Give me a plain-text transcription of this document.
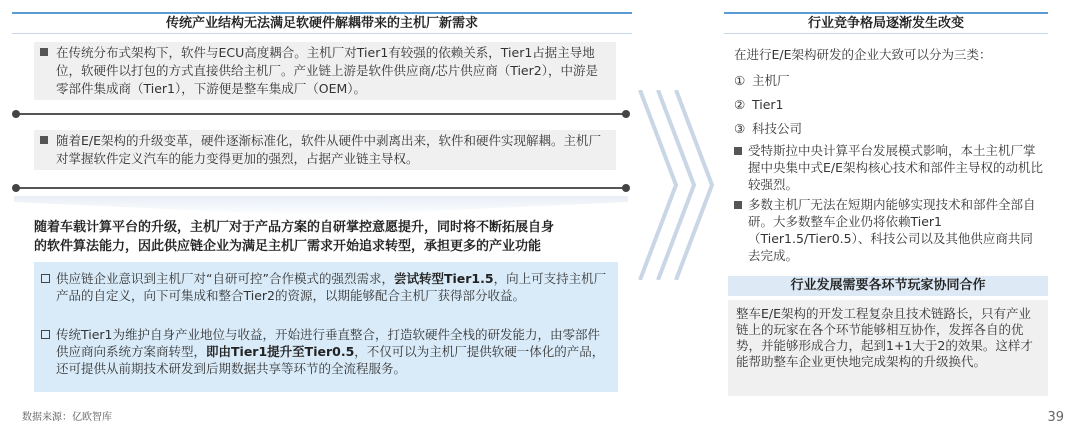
传统产业结构无法满足软硬件解耦带来的主机厂新需求
在传统分布式架构下，软件与ECU高度耦合。主机厂对Tier1有较强的依赖关系，Tier1占据主导地位，软硬件以打包的方式直接供给主机厂。产业链上游是软件供应商/芯片供应商（Tier2），中游是零部件集成商（Tier1），下游便是整车集成厂（OEM）。
随着E/E架构的升级变革，硬件逐渐标准化，软件从硬件中剥离出来，软件和硬件实现解耦。主机厂对掌握软件定义汽车的能力变得更加的强烈，占据产业链主导权。
随着车载计算平台的升级，主机厂对于产品方案的自研掌控意愿提升，同时将不断拓展自身
的软件算法能力，因此供应链企业为满足主机厂需求开始追求转型，承担更多的产业功能
供应链企业意识到主机厂对“自研可控”合作模式的强烈需求，尝试转型Tier1.5，向上可支持主机厂产品的自定义，向下可集成和整合Tier2的资源，以期能够配合主机厂获得部分收益。
传统Tier1为维护自身产业地位与收益，开始进行垂直整合，打造软硬件全栈的研发能力，由零部件供应商向系统方案商转型，即由Tier1提升至Tier0.5，不仅可以为主机厂提供软硬一体化的产品，还可提供从前期技术研发到后期数据共享等环节的全流程服务。
行业竞争格局逐渐发生改变
在进行E/E架构研发的企业大致可以分为三类：
① 主机厂
② Tier1
③ 科技公司
受特斯拉中央计算平台发展模式影响，本土主机厂掌握中央集中式E/E架构核心技术和部件主导权的动机比较强烈。
多数主机厂无法在短期内能够实现技术和部件全部自研。大多数整车企业仍将依赖Tier1（Tier1.5/Tier0.5）、科技公司以及其他供应商共同去完成。
行业发展需要各环节玩家协同合作
整车E/E架构的开发工程复杂且技术链路长，只有产业链上的玩家在各个环节能够相互协作，发挥各自的优势，并能够形成合力，起到1+1大于2的效果。这样才能帮助整车企业更快地完成架构的升级换代。
数据来源：亿欧智库	39
